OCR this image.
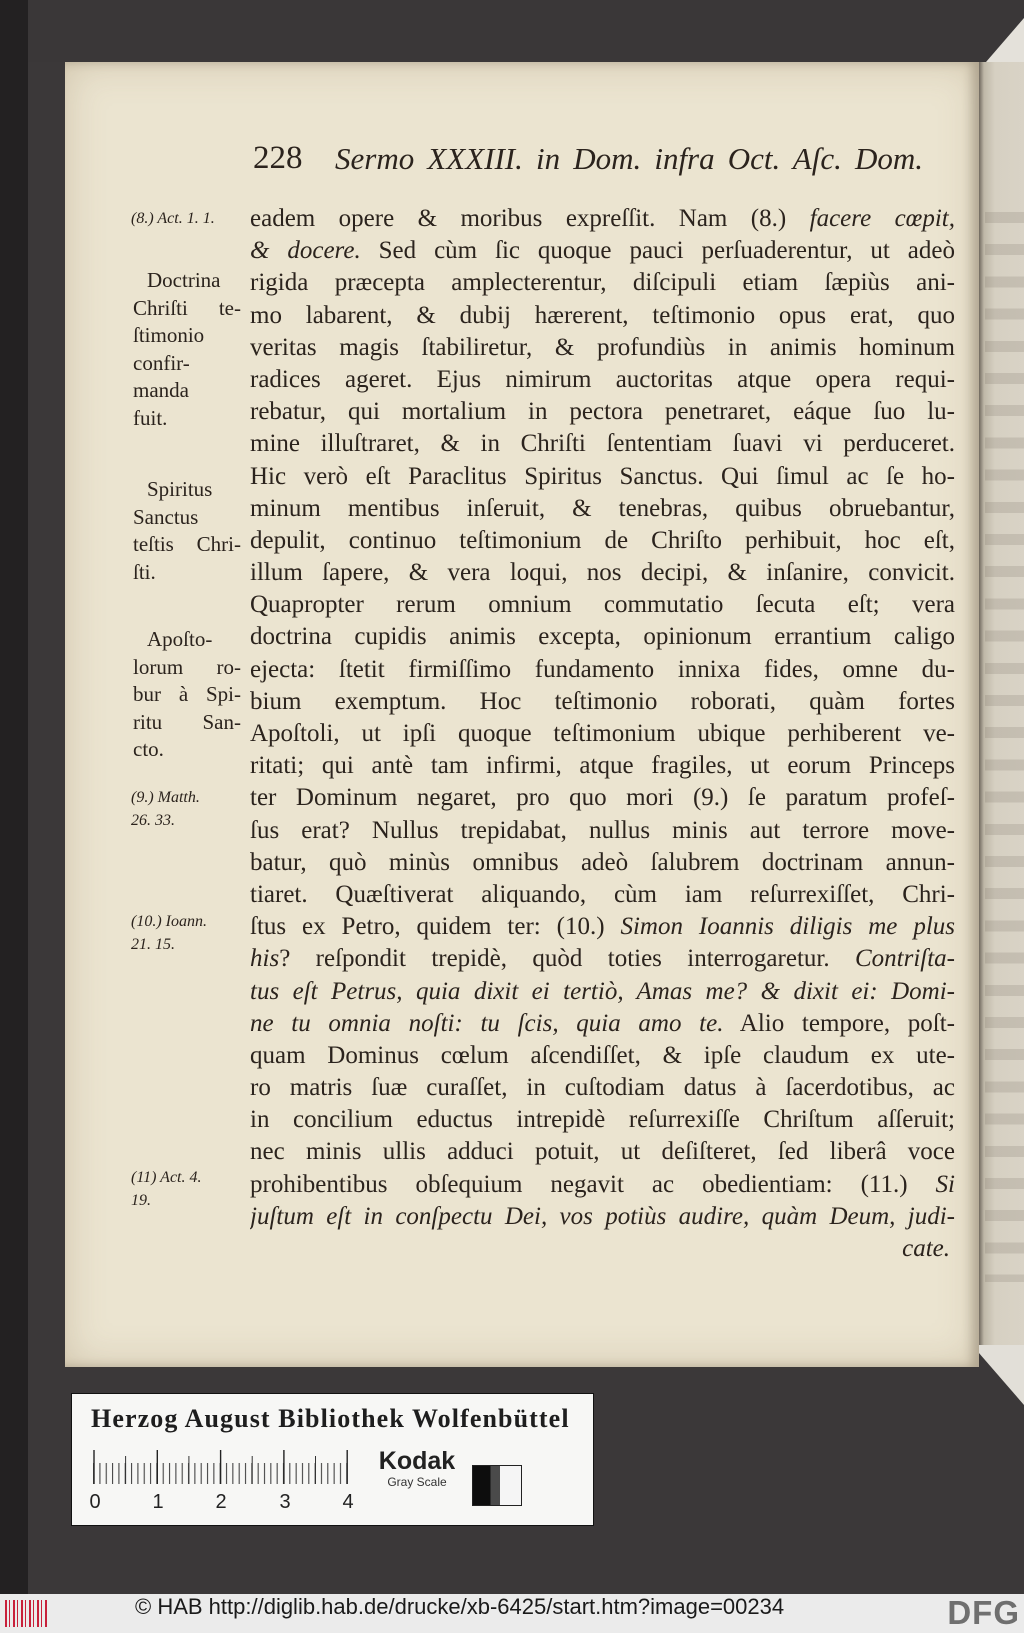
228 Sermo XXXIII. in Dom. infra Oct. Aſc. Dom.
eadem opere & moribus expreſſit. Nam (8.) facere cœpit,
& docere. Sed cùm ſic quoque pauci perſuaderentur, ut adeò
rigida præcepta amplecterentur, diſcipuli etiam ſæpiùs ani-
mo labarent, & dubij hærerent, teſtimonio opus erat, quo
veritas magis ſtabiliretur, & profundiùs in animis hominum
radices ageret. Ejus nimirum auctoritas atque opera requi-
rebatur, qui mortalium in pectora penetraret, eáque ſuo lu-
mine illuſtraret, & in Chriſti ſententiam ſuavi vi perduceret.
Hic verò eſt Paraclitus Spiritus Sanctus. Qui ſimul ac ſe ho-
minum mentibus inſeruit, & tenebras, quibus obruebantur,
depulit, continuo teſtimonium de Chriſto perhibuit, hoc eſt,
illum ſapere, & vera loqui, nos decipi, & inſanire, convicit.
Quapropter rerum omnium commutatio ſecuta eſt; vera
doctrina cupidis animis excepta, opinionum errantium caligo
ejecta: ſtetit firmiſſimo fundamento innixa fides, omne du-
bium exemptum. Hoc teſtimonio roborati, quàm fortes
Apoſtoli, ut ipſi quoque teſtimonium ubique perhiberent ve-
ritati; qui antè tam infirmi, atque fragiles, ut eorum Princeps
ter Dominum negaret, pro quo mori (9.) ſe paratum profeſ-
ſus erat? Nullus trepidabat, nullus minis aut terrore move-
batur, quò minùs omnibus adeò ſalubrem doctrinam annun-
tiaret. Quæſtiverat aliquando, cùm iam reſurrexiſſet, Chri-
ſtus ex Petro, quidem ter: (10.) Simon Ioannis diligis me plus
his? reſpondit trepidè, quòd toties interrogaretur. Contriſta-
tus eſt Petrus, quia dixit ei tertiò, Amas me? & dixit ei: Domi-
ne tu omnia noſti: tu ſcis, quia amo te. Alio tempore, poſt-
quam Dominus cœlum aſcendiſſet, & ipſe claudum ex ute-
ro matris ſuæ curaſſet, in cuſtodiam datus à ſacerdotibus, ac
in concilium eductus intrepidè reſurrexiſſe Chriſtum aſſeruit;
nec minis ullis adduci potuit, ut deſiſteret, ſed liberâ voce
prohibentibus obſequium negavit ac obedientiam: (11.) Si
juſtum eſt in conſpectu Dei, vos potiùs audire, quàm Deum, judi-
cate.
(8.) Act. 1. 1.
Doctrina
Chriſti te-
ſtimonio
confir-
manda
fuit.
Spiritus
Sanctus
teſtis Chri-
ſti.
Apoſto-
lorum ro-
bur à Spi-
ritu San-
cto.
(9.) Matth.
26. 33.
(10.) Ioann.
21. 15.
(11) Act. 4.
19.
Herzog August Bibliothek Wolfenbüttel
0	1	2	3	4
Kodak
Gray Scale
© HAB http://diglib.hab.de/drucke/xb-6425/start.htm?image=00234	DFG
